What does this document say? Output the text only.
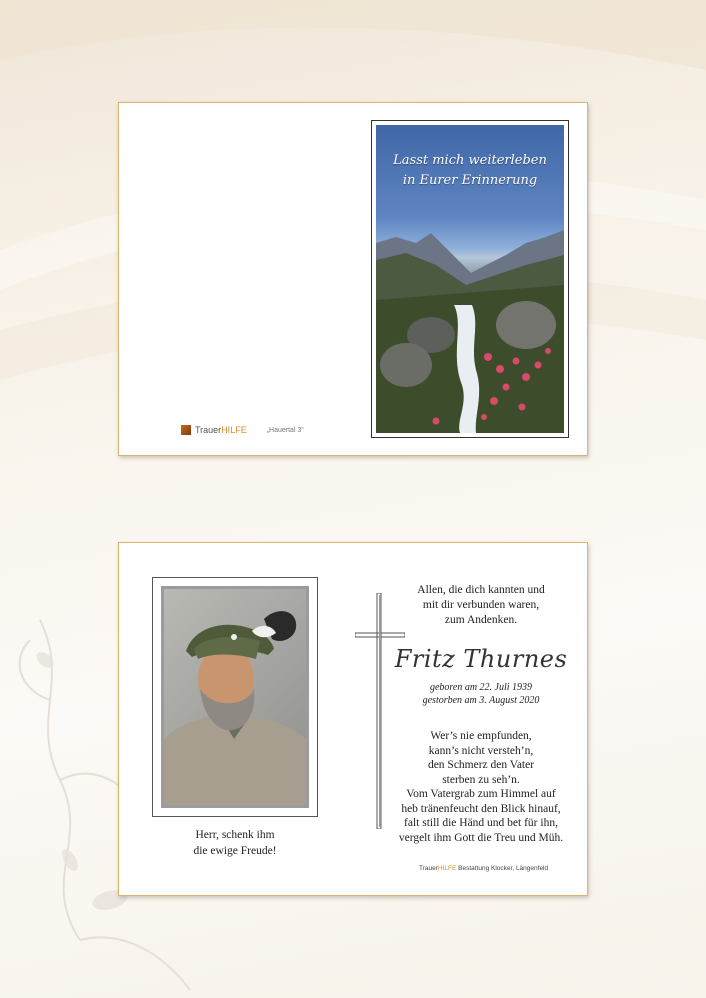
Lasst mich weiterleben
in Eurer Erinnerung
TrauerHILFE	„Hauertal 3“
Herr, schenk ihm
die ewige Freude!
Allen, die dich kannten und
mit dir verbunden waren,
zum Andenken.
Fritz Thurnes
geboren am 22. Juli 1939
gestorben am 3. August 2020
Wer’s nie empfunden,
kann’s nicht versteh’n,
den Schmerz den Vater
sterben zu seh’n.
Vom Vatergrab zum Himmel auf
heb tränenfeucht den Blick hinauf,
falt still die Händ und bet für ihn,
vergelt ihm Gott die Treu und Müh.
TrauerHILFE Bestattung Klocker, Längenfeld
